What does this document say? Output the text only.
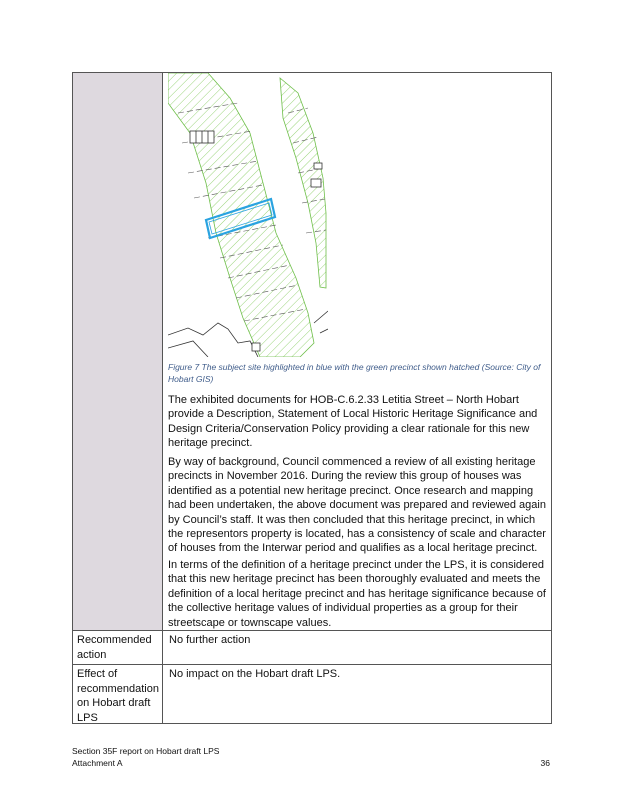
Figure 7 The subject site highlighted in blue with the green precinct shown hatched (Source: City of Hobart GIS)

The exhibited documents for HOB-C.6.2.33 Letitia Street – North Hobart provide a Description, Statement of Local Historic Heritage Significance and Design Criteria/Conservation Policy providing a clear rationale for this new heritage precinct.

By way of background, Council commenced a review of all existing heritage precincts in November 2016. During the review this group of houses was identified as a potential new heritage precinct. Once research and mapping had been undertaken, the above document was prepared and reviewed again by Council’s staff. It was then concluded that this heritage precinct, in which the representors property is located, has a consistency of scale and character of houses from the Interwar period and qualifies as a local heritage precinct.

In terms of the definition of a heritage precinct under the LPS, it is considered that this new heritage precinct has been thoroughly evaluated and meets the definition of a local heritage precinct and has heritage significance because of the collective heritage values of individual properties as a group for their streetscape or townscape values.

Recommended action
No further action
Effect of recommendation on Hobart draft LPS
No impact on the Hobart draft LPS.
Section 35F report on Hobart draft LPS
Attachment A	36
